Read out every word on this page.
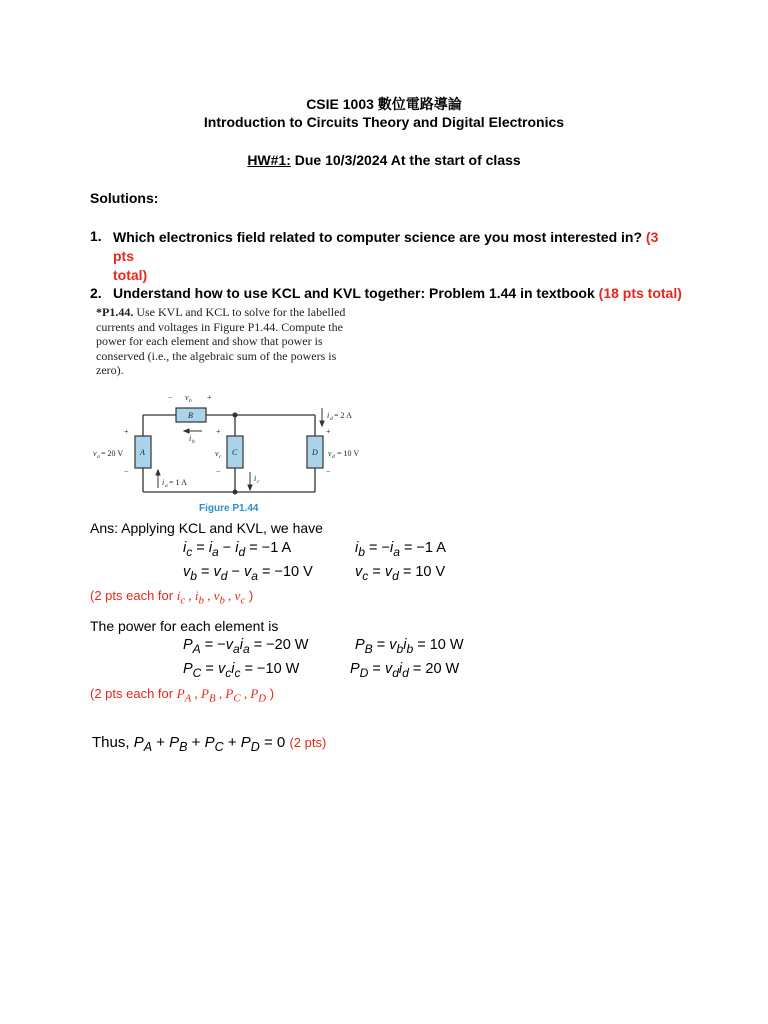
CSIE 1003 數位電路導論
Introduction to Circuits Theory and Digital Electronics
HW#1: Due 10/3/2024 At the start of class
Solutions:
1. Which electronics field related to computer science are you most interested in? (3 pts
total)
2. Understand how to use KCL and KVL together: Problem 1.44 in textbook (18 pts total)
*P1.44. Use KVL and KCL to solve for the labelled currents and voltages in Figure P1.44. Compute the power for each element and show that power is conserved (i.e., the algebraic sum of the powers is zero).
− v b +
B
i b
i d = 2 A
+
−
v a = 20 V A
+
−
v c C
+
−
D v d = 10 V
i a = 1 A	i c
Figure P1.44
Ans: Applying KCL and KVL, we have
$i_c = i_a - i_d = -1$ A	$i_b = -i_a = -1$ A
$v_b = v_d - v_a = -10$ V	$v_c = v_d = 10$ V
(2 pts each for $i_c$ , $i_b$ , $v_b$ , $v_c$ )
The power for each element is
$P_A = -v_ai_a = -20$ W	$P_B = v_bi_b = 10$ W
$P_C = v_ci_c = -10$ W	$P_D = v_di_d = 20$ W
(2 pts each for $P_A$ , $P_B$ , $P_C$ , $P_D$ )
Thus, $P_A + P_B + P_C + P_D = 0$ (2 pts)
